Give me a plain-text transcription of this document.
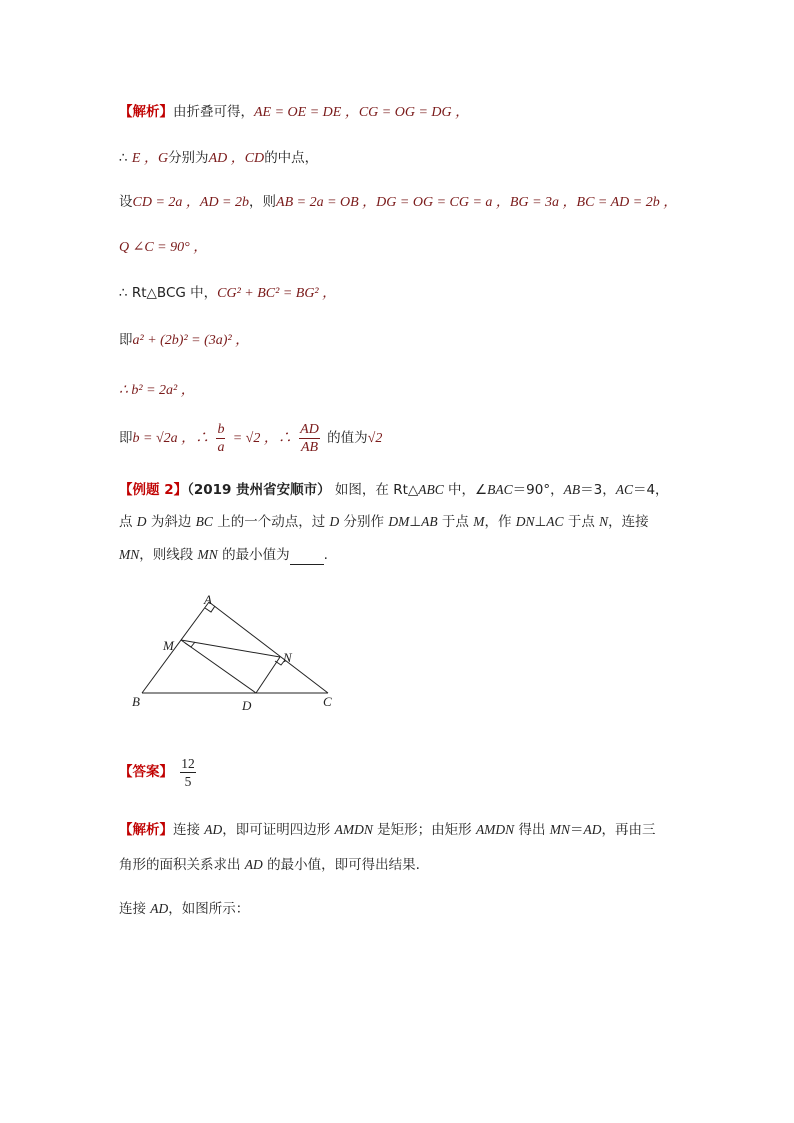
【解析】由折叠可得，AE = OE = DE ，CG = OG = DG ，
∴ E ，G分别为AD ，CD的中点，
设CD = 2a ，AD = 2b，则AB = 2a = OB ，DG = OG = CG = a ，BG = 3a ，BC = AD = 2b ，
Q ∠C = 90° ，
∴ Rt△BCG 中，CG² + BC² = BG² ，
即a² + (2b)² = (3a)² ，
∴ b² = 2a² ，
即b = √2a ，∴ $\frac{b}{a} = √2$ ，∴ $\frac{AD}{AB}$ 的值为√2
【例题 2】（2019 贵州省安顺市） 如图，在 Rt△ABC 中，∠BAC＝90°，AB＝3，AC＝4，
点 D 为斜边 BC 上的一个动点，过 D 分别作 DM⊥AB 于点 M，作 DN⊥AC 于点 N，连接
MN，则线段 MN 的最小值为	.
A
B	C
D
M
N
【答案】 $\frac{12}{5}$
【解析】连接 AD，即可证明四边形 AMDN 是矩形；由矩形 AMDN 得出 MN＝AD，再由三
角形的面积关系求出 AD 的最小值，即可得出结果.
连接 AD，如图所示：
